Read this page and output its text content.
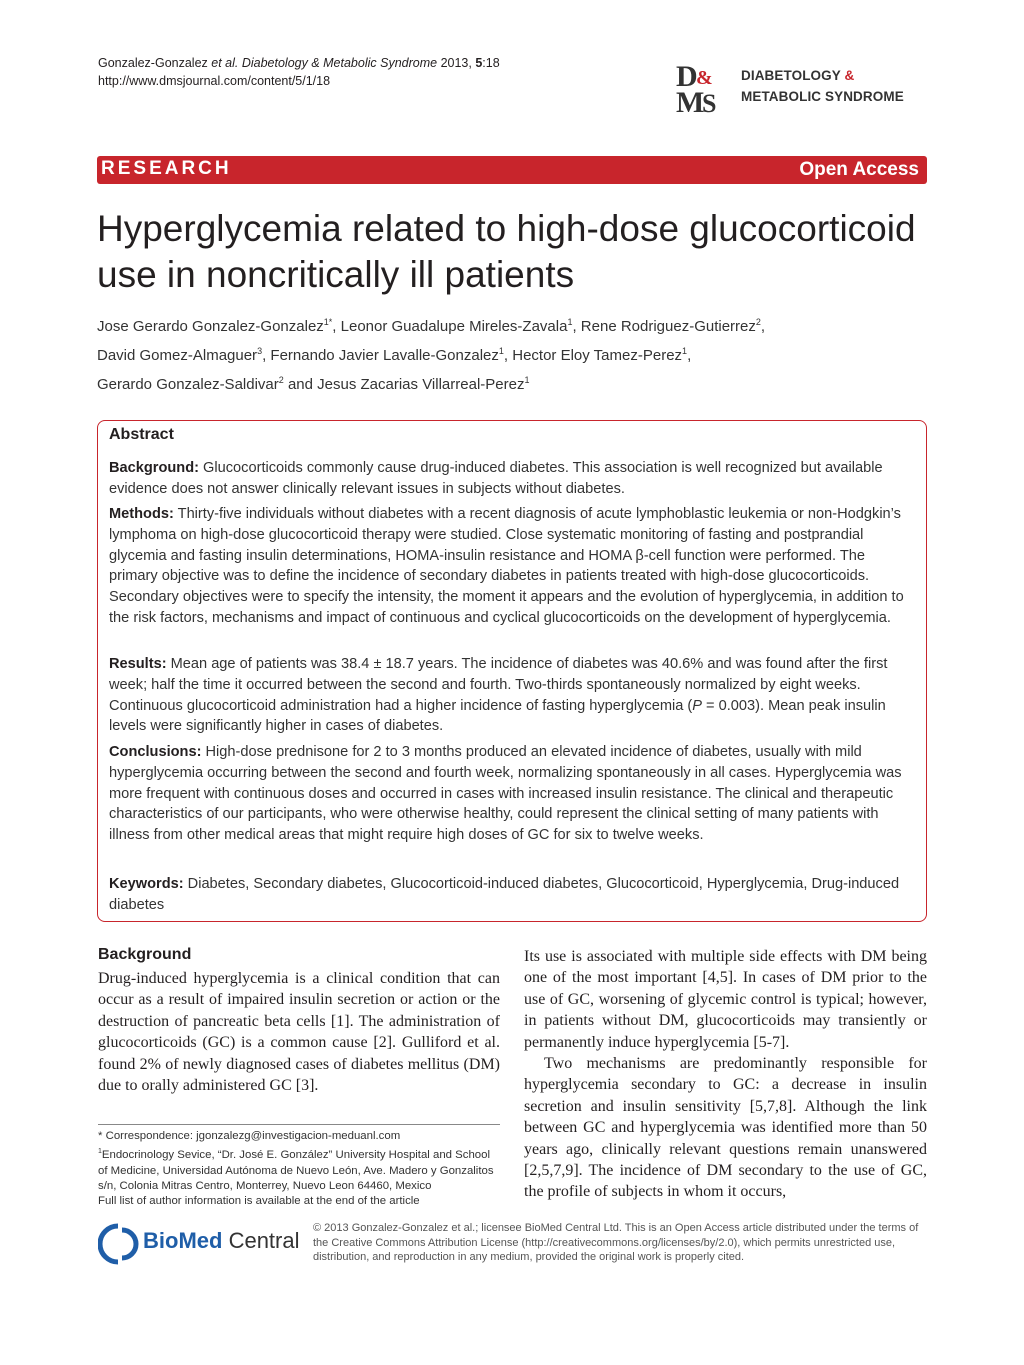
Gonzalez-Gonzalez et al. Diabetology & Metabolic Syndrome 2013, 5:18
http://www.dmsjournal.com/content/5/1/18	D
&
M
S
DIABETOLOGY &
METABOLIC SYNDROME
RESEARCH	Open Access
Hyperglycemia related to high-dose glucocorticoid use in noncritically ill patients
Jose Gerardo Gonzalez-Gonzalez$^{1*}$, Leonor Guadalupe Mireles-Zavala$^1$, Rene Rodriguez-Gutierrez$^2$,
David Gomez-Almaguer$^3$, Fernando Javier Lavalle-Gonzalez$^1$, Hector Eloy Tamez-Perez$^1$,
Gerardo Gonzalez-Saldivar$^2$ and Jesus Zacarias Villarreal-Perez$^1$
Abstract
Background: Glucocorticoids commonly cause drug-induced diabetes. This association is well recognized but available evidence does not answer clinically relevant issues in subjects without diabetes.
Methods: Thirty-five individuals without diabetes with a recent diagnosis of acute lymphoblastic leukemia or non-Hodgkin’s lymphoma on high-dose glucocorticoid therapy were studied. Close systematic monitoring of fasting and postprandial glycemia and fasting insulin determinations, HOMA-insulin resistance and HOMA β-cell function were performed. The primary objective was to define the incidence of secondary diabetes in patients treated with high-dose glucocorticoids. Secondary objectives were to specify the intensity, the moment it appears and the evolution of hyperglycemia, in addition to the risk factors, mechanisms and impact of continuous and cyclical glucocorticoids on the development of hyperglycemia.
Results: Mean age of patients was 38.4 ± 18.7 years. The incidence of diabetes was 40.6% and was found after the first week; half the time it occurred between the second and fourth. Two-thirds spontaneously normalized by eight weeks. Continuous glucocorticoid administration had a higher incidence of fasting hyperglycemia (P = 0.003). Mean peak insulin levels were significantly higher in cases of diabetes.
Conclusions: High-dose prednisone for 2 to 3 months produced an elevated incidence of diabetes, usually with mild hyperglycemia occurring between the second and fourth week, normalizing spontaneously in all cases. Hyperglycemia was more frequent with continuous doses and occurred in cases with increased insulin resistance. The clinical and therapeutic characteristics of our participants, who were otherwise healthy, could represent the clinical setting of many patients with illness from other medical areas that might require high doses of GC for six to twelve weeks.
Keywords: Diabetes, Secondary diabetes, Glucocorticoid-induced diabetes, Glucocorticoid, Hyperglycemia, Drug-induced diabetes
Background
Drug-induced hyperglycemia is a clinical condition that can occur as a result of impaired insulin secretion or action or the destruction of pancreatic beta cells [1]. The administration of glucocorticoids (GC) is a common cause [2]. Gulliford et al. found 2% of newly diagnosed cases of diabetes mellitus (DM) due to orally administered GC [3].
Its use is associated with multiple side effects with DM being one of the most important [4,5]. In cases of DM prior to the use of GC, worsening of glycemic control is typical; however, in patients without DM, glucocorticoids may transiently or permanently induce hyperglycemia [5-7].
Two mechanisms are predominantly responsible for hyperglycemia secondary to GC: a decrease in insulin secretion and insulin sensitivity [5,7,8]. Although the link between GC and hyperglycemia was identified more than 50 years ago, clinically relevant questions remain unanswered [2,5,7,9]. The incidence of DM secondary to the use of GC, the profile of subjects in whom it occurs,
* Correspondence: jgonzalezg@investigacion-meduanl.com
$^1$Endocrinology Sevice, “Dr. José E. González” University Hospital and School of Medicine, Universidad Autónoma de Nuevo León, Ave. Madero y Gonzalitos s/n, Colonia Mitras Centro, Monterrey, Nuevo Leon 64460, Mexico
Full list of author information is available at the end of the article
BioMed Central © 2013 Gonzalez-Gonzalez et al.; licensee BioMed Central Ltd. This is an Open Access article distributed under the terms of the Creative Commons Attribution License (http://creativecommons.org/licenses/by/2.0), which permits unrestricted use, distribution, and reproduction in any medium, provided the original work is properly cited.
